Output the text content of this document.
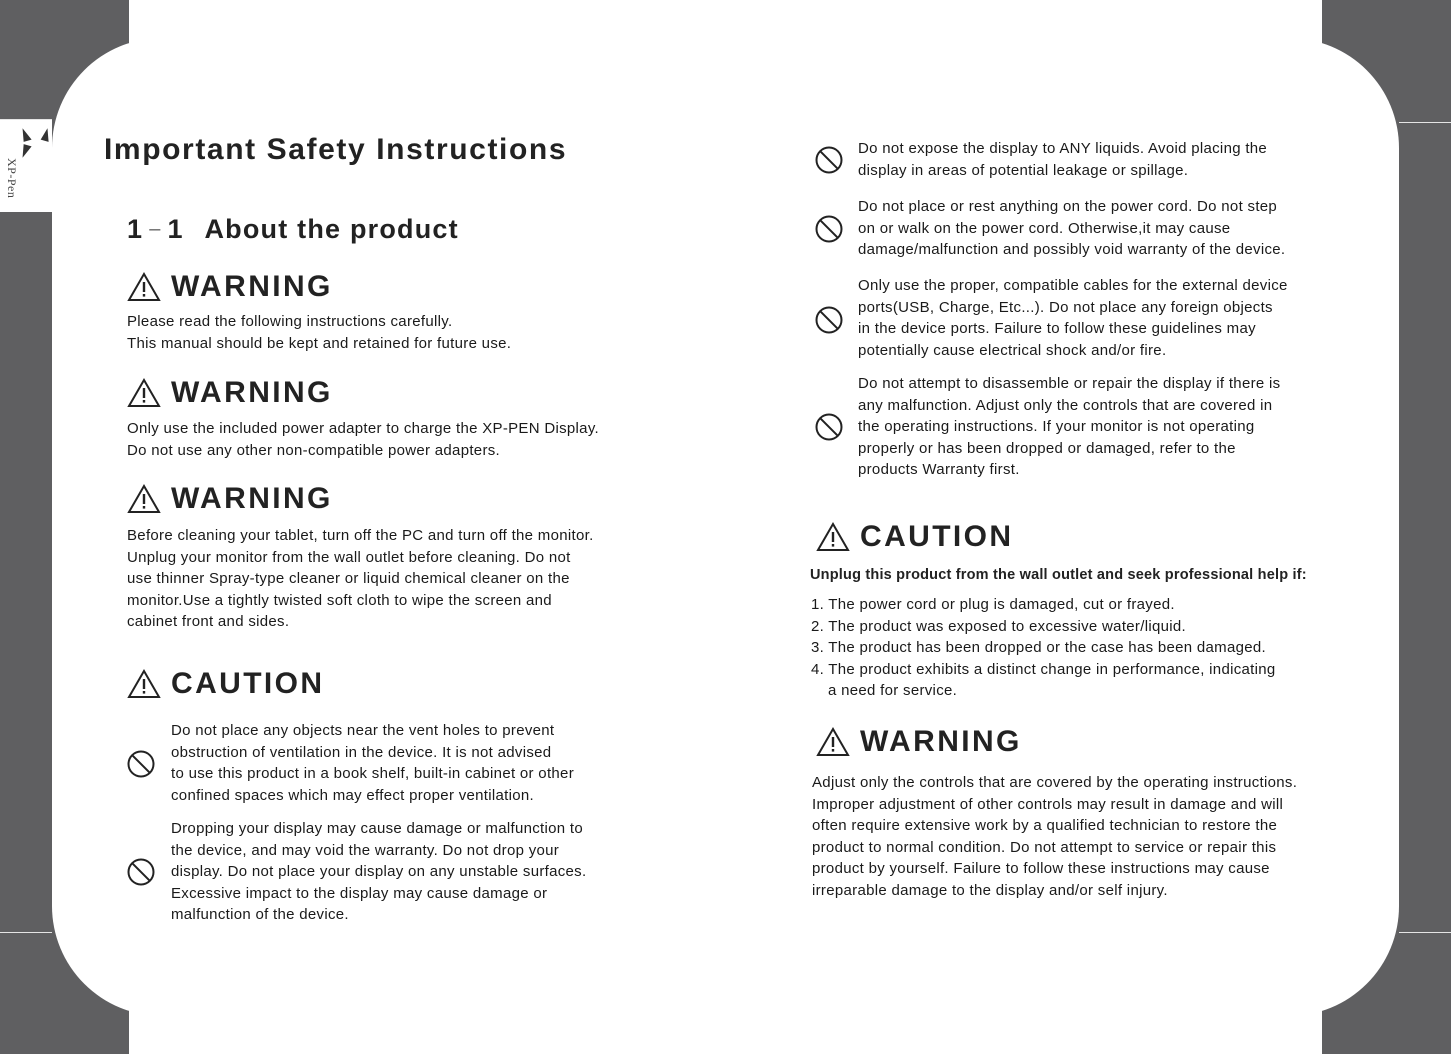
XP-Pen
Important Safety Instructions
1 – 1 About the product
WARNING
Please read the following instructions carefully.
This manual should be kept and retained for future use.
WARNING
Only use the included power adapter to charge the XP-PEN Display.
Do not use any other non-compatible power adapters.
WARNING
Before cleaning your tablet, turn off the PC and turn off the monitor.
Unplug your monitor from the wall outlet before cleaning. Do not
use thinner Spray-type cleaner or liquid chemical cleaner on the
monitor.Use a tightly twisted soft cloth to wipe the screen and
cabinet front and sides.
CAUTION
Do not place any objects near the vent holes to prevent
obstruction of ventilation in the device. It is not advised
to use this product in a book shelf, built-in cabinet or other
confined spaces which may effect proper ventilation.
Dropping your display may cause damage or malfunction to
the device, and may void the warranty. Do not drop your
display. Do not place your display on any unstable surfaces.
Excessive impact to the display may cause damage or
malfunction of the device.
Do not expose the display to ANY liquids. Avoid placing the
display in areas of potential leakage or spillage.
Do not place or rest anything on the power cord. Do not step
on or walk on the power cord. Otherwise,it may cause
damage/malfunction and possibly void warranty of the device.
Only use the proper, compatible cables for the external device
ports(USB, Charge, Etc...). Do not place any foreign objects
in the device ports. Failure to follow these guidelines may
potentially cause electrical shock and/or fire.
Do not attempt to disassemble or repair the display if there is
any malfunction. Adjust only the controls that are covered in
the operating instructions. If your monitor is not operating
properly or has been dropped or damaged, refer to the
products Warranty first.
CAUTION
Unplug this product from the wall outlet and seek professional help if:
1. The power cord or plug is damaged, cut or frayed.
2. The product was exposed to excessive water/liquid.
3. The product has been dropped or the case has been damaged.
4. The product exhibits a distinct change in performance, indicating
a need for service.
WARNING
Adjust only the controls that are covered by the operating instructions.
Improper adjustment of other controls may result in damage and will
often require extensive work by a qualified technician to restore the
product to normal condition. Do not attempt to service or repair this
product by yourself. Failure to follow these instructions may cause
irreparable damage to the display and/or self injury.
